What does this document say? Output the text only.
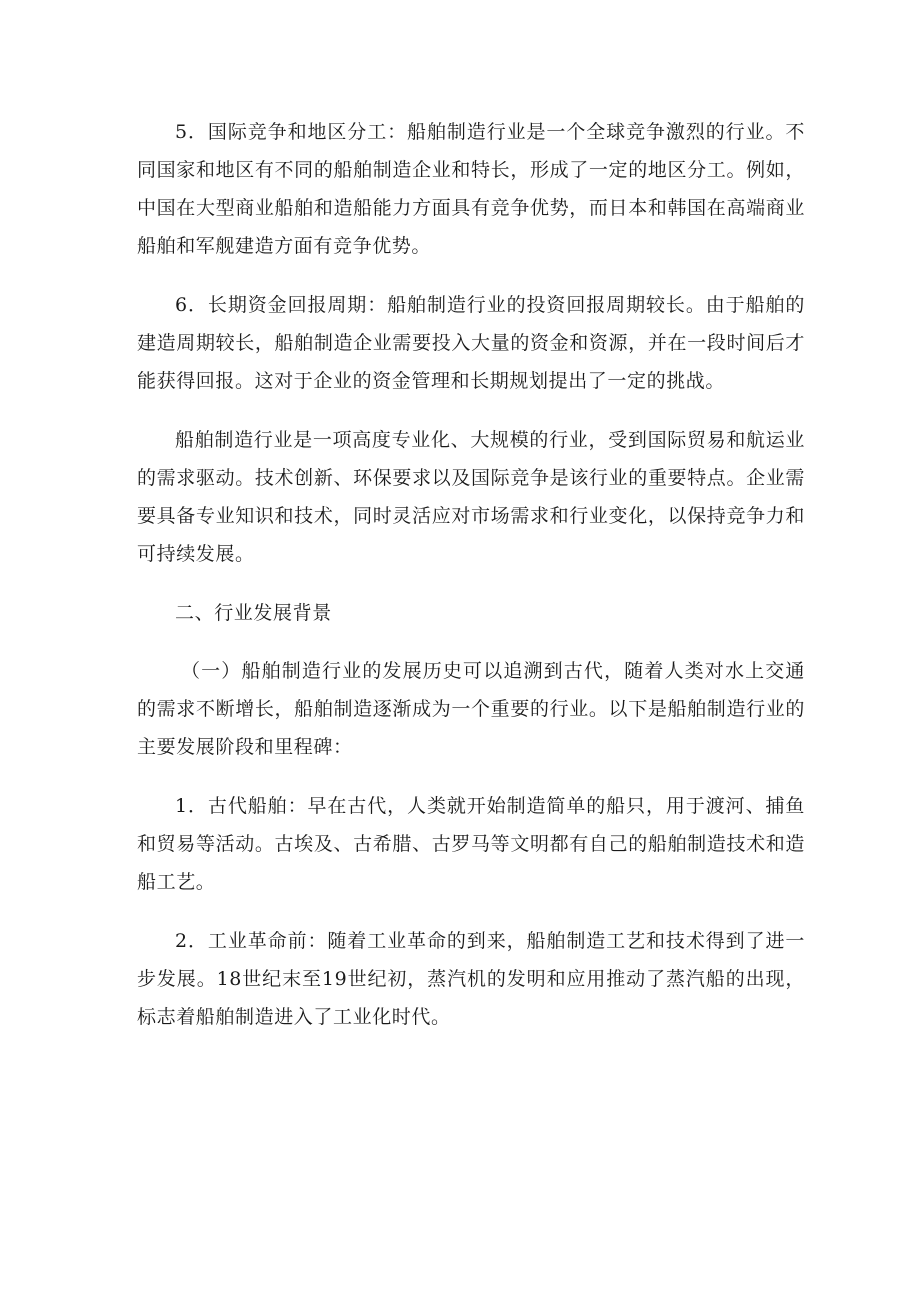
5．国际竞争和地区分工：船舶制造行业是一个全球竞争激烈的行业。不同国家和地区有不同的船舶制造企业和特长，形成了一定的地区分工。例如，中国在大型商业船舶和造船能力方面具有竞争优势，而日本和韩国在高端商业船舶和军舰建造方面有竞争优势。

6．长期资金回报周期：船舶制造行业的投资回报周期较长。由于船舶的建造周期较长，船舶制造企业需要投入大量的资金和资源，并在一段时间后才能获得回报。这对于企业的资金管理和长期规划提出了一定的挑战。

船舶制造行业是一项高度专业化、大规模的行业，受到国际贸易和航运业的需求驱动。技术创新、环保要求以及国际竞争是该行业的重要特点。企业需要具备专业知识和技术，同时灵活应对市场需求和行业变化，以保持竞争力和可持续发展。

二、行业发展背景

（一）船舶制造行业的发展历史可以追溯到古代，随着人类对水上交通的需求不断增长，船舶制造逐渐成为一个重要的行业。以下是船舶制造行业的主要发展阶段和里程碑：

1．古代船舶：早在古代，人类就开始制造简单的船只，用于渡河、捕鱼和贸易等活动。古埃及、古希腊、古罗马等文明都有自己的船舶制造技术和造船工艺。

2．工业革命前：随着工业革命的到来，船舶制造工艺和技术得到了进一步发展。18世纪末至19世纪初，蒸汽机的发明和应用推动了蒸汽船的出现，标志着船舶制造进入了工业化时代。
